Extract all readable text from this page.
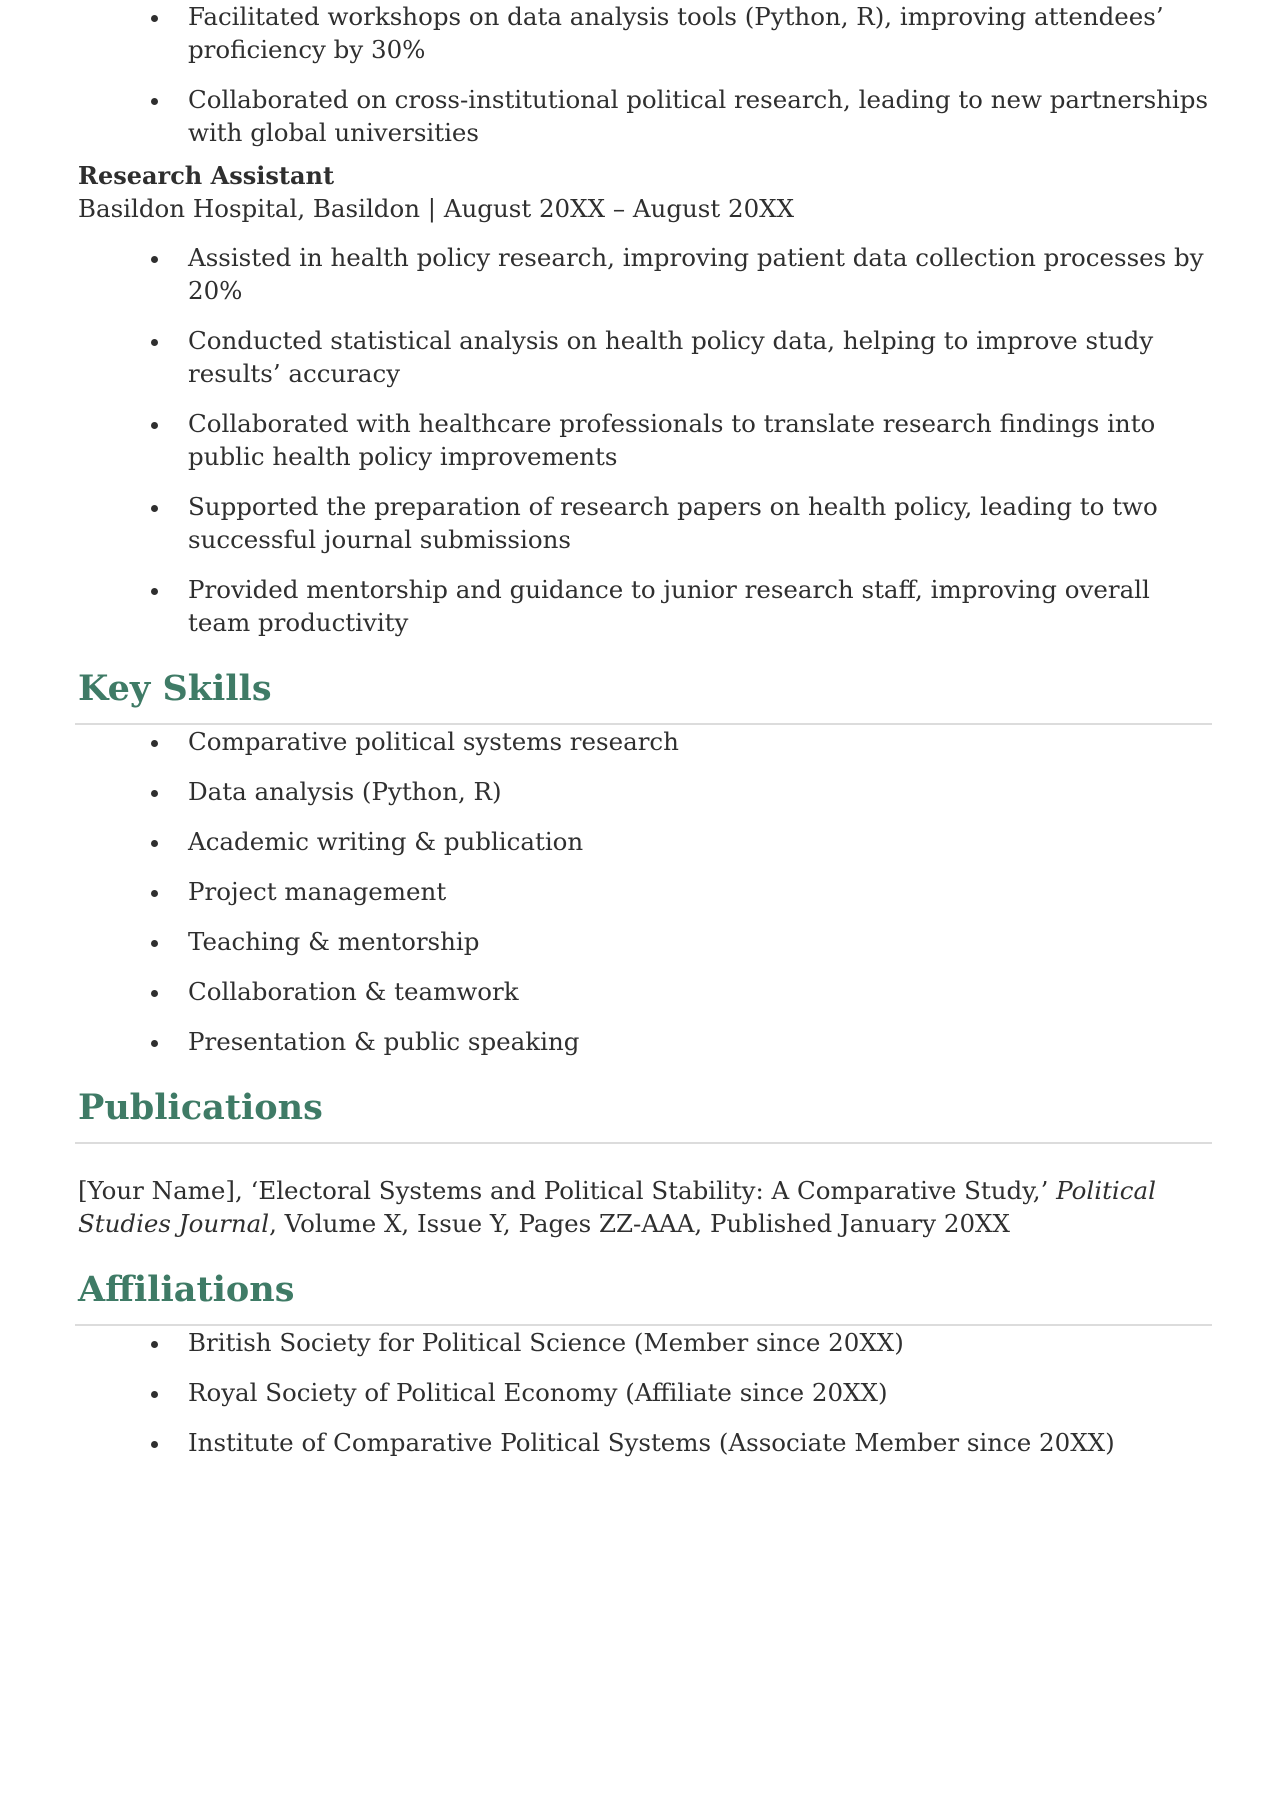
Facilitated workshops on data analysis tools (Python, R), improving attendees’ proficiency by 30%
Collaborated on cross-institutional political research, leading to new partnerships with global universities
Research Assistant
Basildon Hospital, Basildon | August 20XX – August 20XX
Assisted in health policy research, improving patient data collection processes by 20%
Conducted statistical analysis on health policy data, helping to improve study results’ accuracy
Collaborated with healthcare professionals to translate research findings into public health policy improvements
Supported the preparation of research papers on health policy, leading to two successful journal submissions
Provided mentorship and guidance to junior research staff, improving overall team productivity
Key Skills
Comparative political systems research
Data analysis (Python, R)
Academic writing & publication
Project management
Teaching & mentorship
Collaboration & teamwork
Presentation & public speaking
Publications
[Your Name], ‘Electoral Systems and Political Stability: A Comparative Study,’ Political Studies Journal, Volume X, Issue Y, Pages ZZ-AAA, Published January 20XX
Affiliations
British Society for Political Science (Member since 20XX)
Royal Society of Political Economy (Affiliate since 20XX)
Institute of Comparative Political Systems (Associate Member since 20XX)
